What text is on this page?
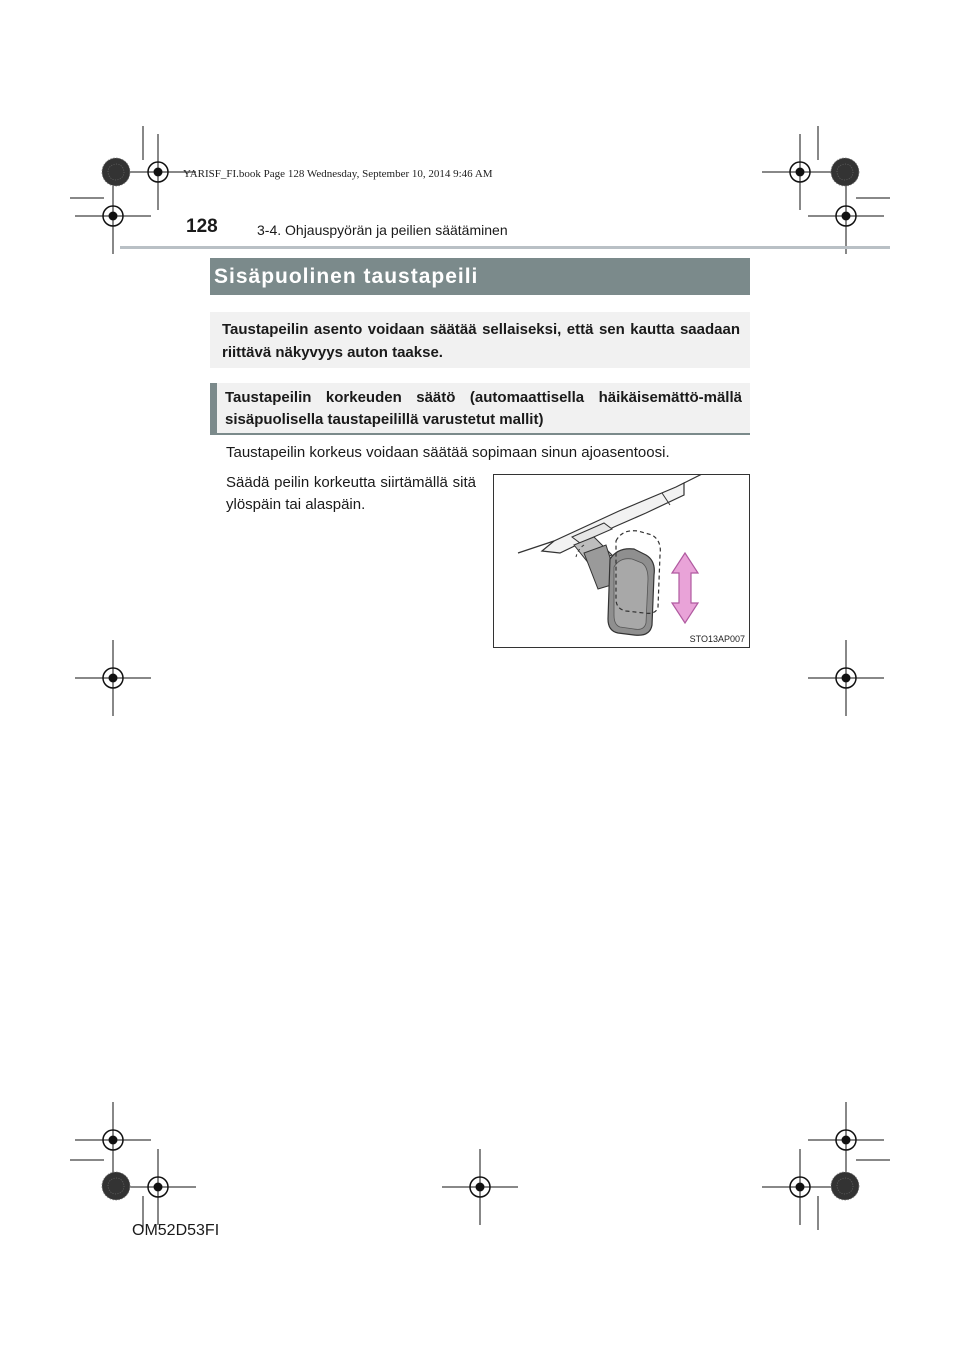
YARISF_FI.book Page 128 Wednesday, September 10, 2014 9:46 AM
128	3-4. Ohjauspyörän ja peilien säätäminen
Sisäpuolinen taustapeili
Taustapeilin asento voidaan säätää sellaiseksi, että sen kautta saadaan riittävä näkyvyys auton taakse.
Taustapeilin korkeuden säätö (automaattisella häikäisemättö-mällä sisäpuolisella taustapeilillä varustetut mallit)
Taustapeilin korkeus voidaan säätää sopimaan sinun ajoasentoosi.
Säädä peilin korkeutta siirtämällä sitä ylöspäin tai alaspäin.
STO13AP007
OM52D53FI
